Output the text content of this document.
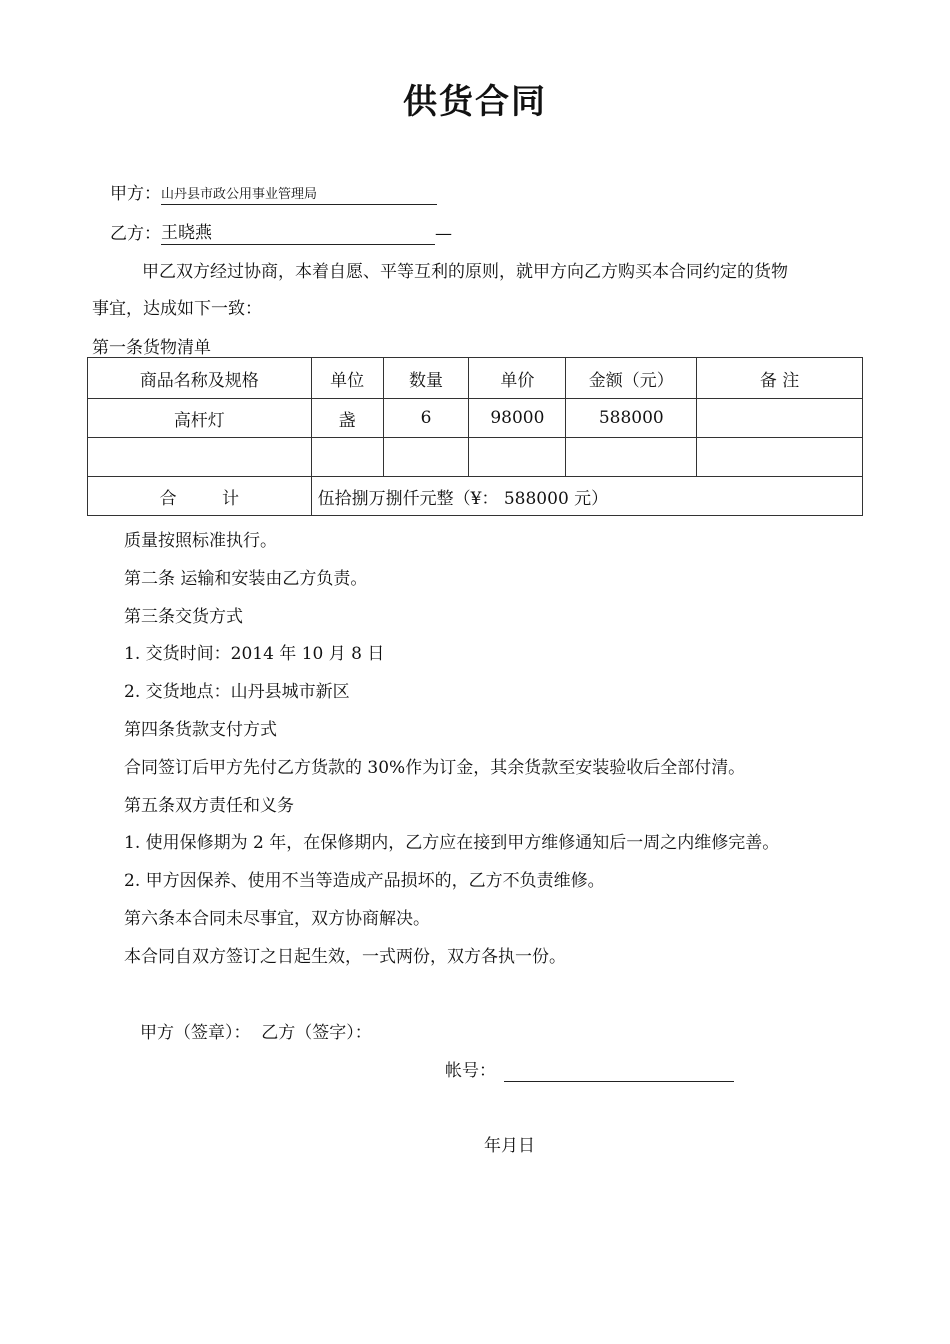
供货合同
甲方：山丹县市政公用事业管理局
乙方：王晓燕	—
甲乙双方经过协商，本着自愿、平等互利的原则，就甲方向乙方购买本合同约定的货物
事宜，达成如下一致：
第一条货物清单
商品名称及规格	单位	数量	单价	金额（元）	备 注
高杆灯	盏	6	98000	588000	

合 计	伍拾捌万捌仟元整（¥： 588000 元）				
质量按照标准执行。
第二条 运输和安装由乙方负责。
第三条交货方式
1. 交货时间：2014 年 10 月 8 日
2. 交货地点：山丹县城市新区
第四条货款支付方式
合同签订后甲方先付乙方货款的 30%作为订金，其余货款至安装验收后全部付清。
第五条双方责任和义务
1. 使用保修期为 2 年，在保修期内，乙方应在接到甲方维修通知后一周之内维修完善。
2. 甲方因保养、使用不当等造成产品损坏的，乙方不负责维修。
第六条本合同未尽事宜，双方协商解决。
本合同自双方签订之日起生效，一式两份，双方各执一份。
甲方（签章）：  乙方（签字）：
帐号：
年月日
